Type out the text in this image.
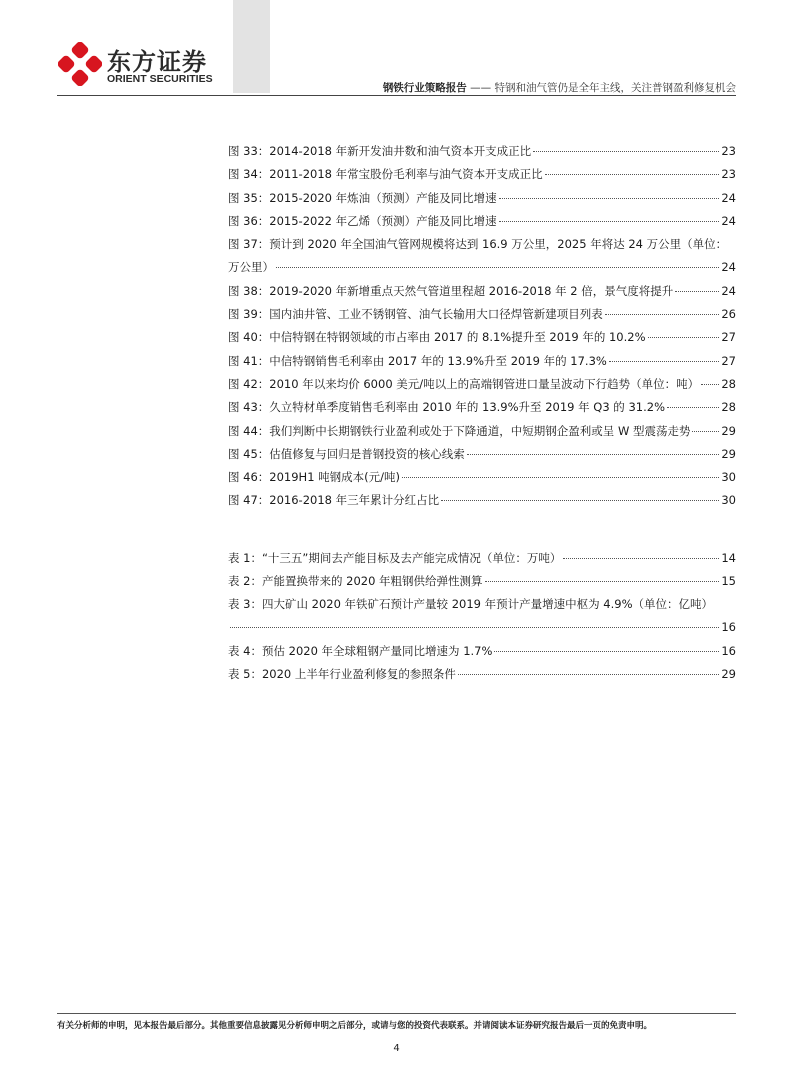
东方证券
ORIENT SECURITIES
钢铁行业策略报告 —— 特钢和油气管仍是全年主线，关注普钢盈利修复机会
图 33：2014-2018 年新开发油井数和油气资本开支成正比	23
图 34：2011-2018 年常宝股份毛利率与油气资本开支成正比	23
图 35：2015-2020 年炼油（预测）产能及同比增速	24
图 36：2015-2022 年乙烯（预测）产能及同比增速	24
图 37：预计到 2020 年全国油气管网规模将达到 16.9 万公里，2025 年将达 24 万公里（单位：
万公里）	24
图 38：2019-2020 年新增重点天然气管道里程超 2016-2018 年 2 倍，景气度将提升	24
图 39：国内油井管、工业不锈钢管、油气长输用大口径焊管新建项目列表	26
图 40：中信特钢在特钢领域的市占率由 2017 的 8.1%提升至 2019 年的 10.2%	27
图 41：中信特钢销售毛利率由 2017 年的 13.9%升至 2019 年的 17.3%	27
图 42：2010 年以来均价 6000 美元/吨以上的高端钢管进口量呈波动下行趋势（单位：吨） 28
图 43：久立特材单季度销售毛利率由 2010 年的 13.9%升至 2019 年 Q3 的 31.2%	28
图 44：我们判断中长期钢铁行业盈利或处于下降通道，中短期钢企盈利或呈 W 型震荡走势	29
图 45：估值修复与回归是普钢投资的核心线索	29
图 46：2019H1 吨钢成本(元/吨)	30
图 47：2016-2018 年三年累计分红占比	30
表 1：“十三五”期间去产能目标及去产能完成情况（单位：万吨）	14
表 2：产能置换带来的 2020 年粗钢供给弹性测算	15
表 3：四大矿山 2020 年铁矿石预计产量较 2019 年预计产量增速中枢为 4.9%（单位：亿吨）
16
表 4：预估 2020 年全球粗钢产量同比增速为 1.7%	16
表 5：2020 上半年行业盈利修复的参照条件	29
有关分析师的申明，见本报告最后部分。其他重要信息披露见分析师申明之后部分，或请与您的投资代表联系。并请阅读本证券研究报告最后一页的免责申明。
4
